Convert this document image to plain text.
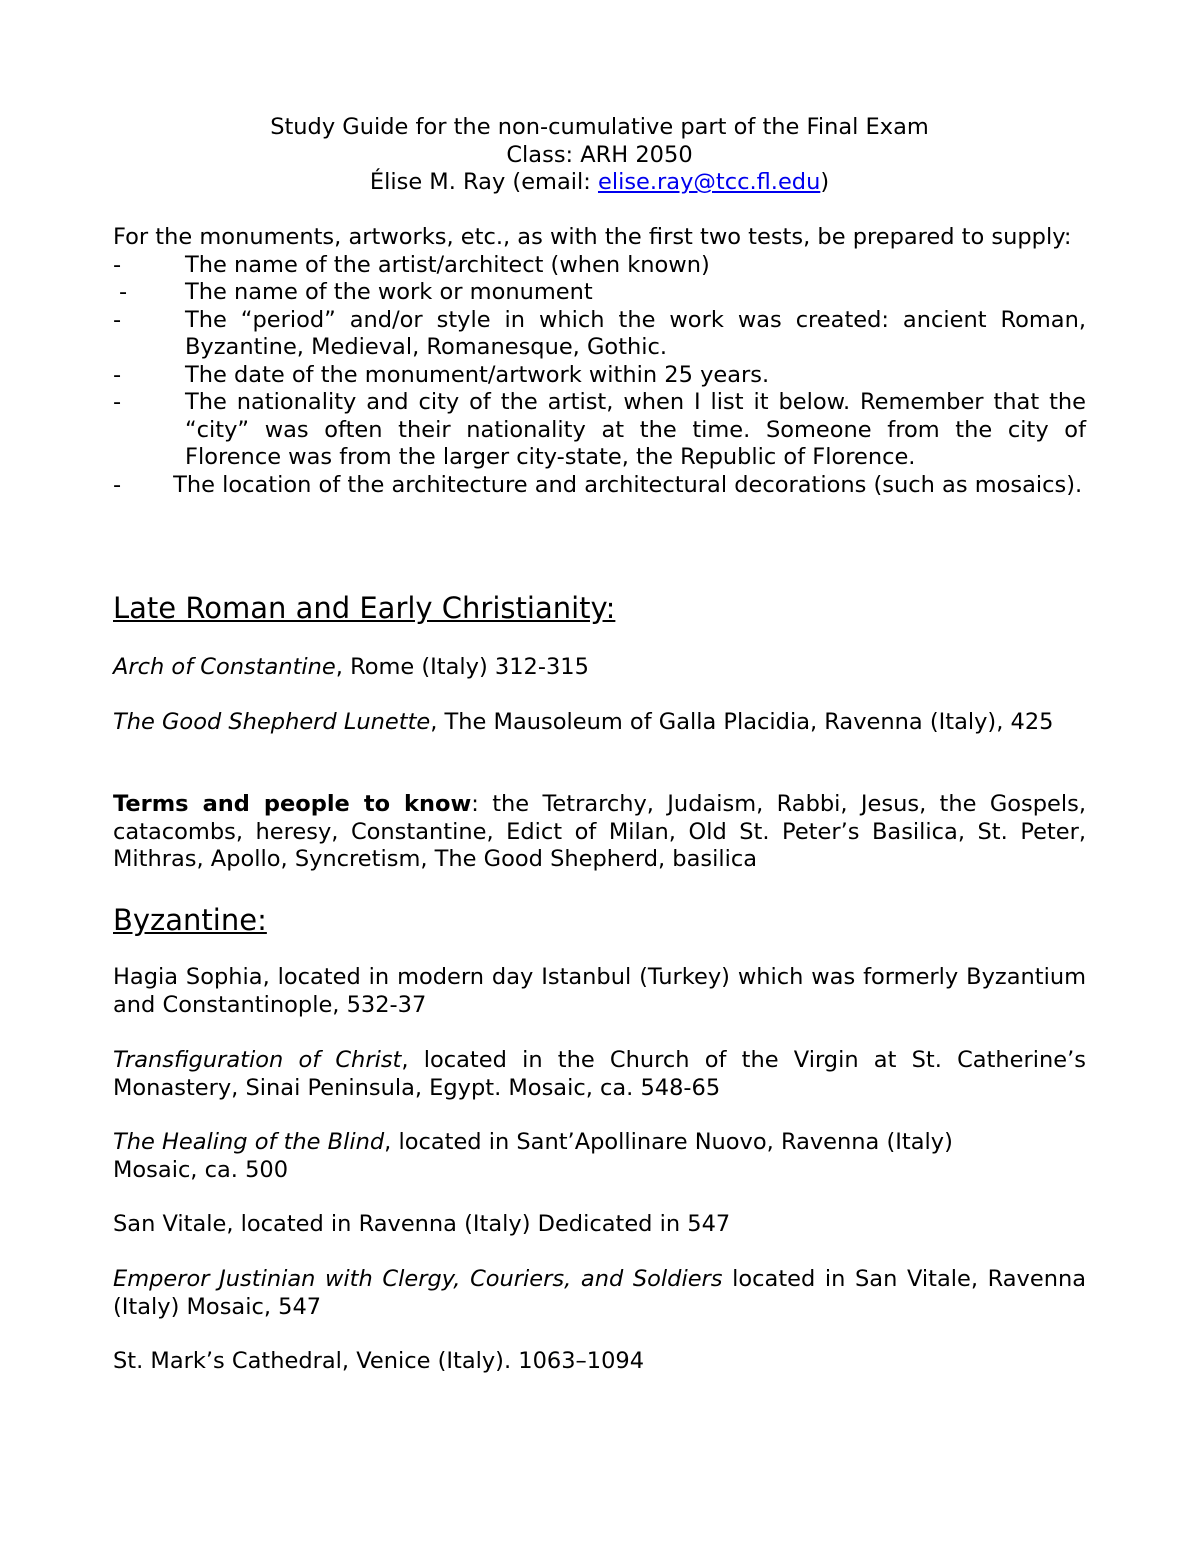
Study Guide for the non-cumulative part of the Final Exam
Class: ARH 2050
Élise M. Ray (email: elise.ray@tcc.fl.edu)
For the monuments, artworks, etc., as with the first two tests, be prepared to supply:
-	The name of the artist/architect (when known)
-	The name of the work or monument
-	The “period” and/or style in which the work was created: ancient Roman, Byzantine, Medieval, Romanesque, Gothic.
-	The date of the monument/artwork within 25 years.
-	The nationality and city of the artist, when I list it below. Remember that the “city” was often their nationality at the time. Someone from the city of Florence was from the larger city-state, the Republic of Florence.
- The location of the architecture and architectural decorations (such as mosaics).
Late Roman and Early Christianity:
Arch of Constantine, Rome (Italy) 312-315
The Good Shepherd Lunette, The Mausoleum of Galla Placidia, Ravenna (Italy), 425
Terms and people to know: the Tetrarchy, Judaism, Rabbi, Jesus, the Gospels, catacombs, heresy, Constantine, Edict of Milan, Old St. Peter’s Basilica, St. Peter, Mithras, Apollo, Syncretism, The Good Shepherd, basilica
Byzantine:
Hagia Sophia, located in modern day Istanbul (Turkey) which was formerly Byzantium and Constantinople, 532-37
Transfiguration of Christ, located in the Church of the Virgin at St. Catherine’s Monastery, Sinai Peninsula, Egypt. Mosaic, ca. 548-65
The Healing of the Blind, located in Sant’Apollinare Nuovo, Ravenna (Italy)
Mosaic, ca. 500
San Vitale, located in Ravenna (Italy) Dedicated in 547
Emperor Justinian with Clergy, Couriers, and Soldiers located in San Vitale, Ravenna (Italy) Mosaic, 547
St. Mark’s Cathedral, Venice (Italy). 1063–1094
